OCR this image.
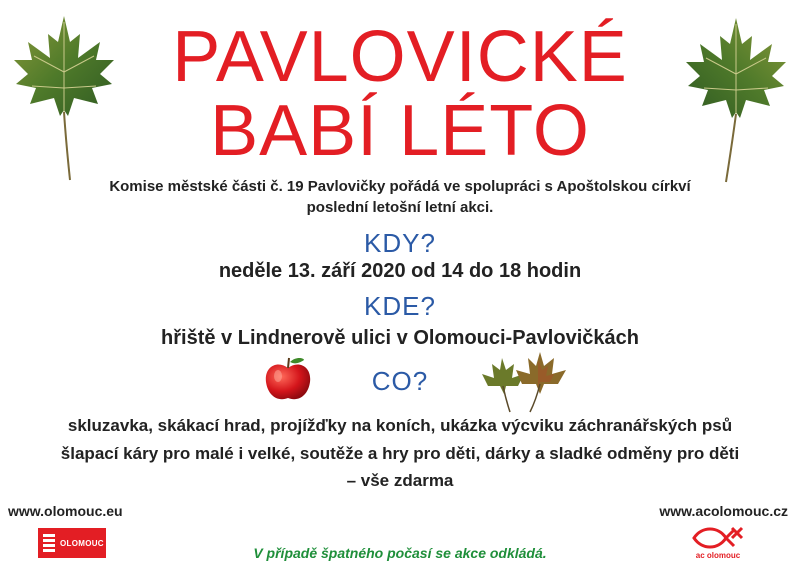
PAVLOVICKÉ
BABÍ LÉTO
Komise městské části č. 19 Pavlovičky pořádá ve spolupráci s Apoštolskou církví
poslední letošní letní akci.
KDY?
neděle 13. září 2020 od 14 do 18 hodin
KDE?
hřiště v Lindnerově ulici v Olomouci-Pavlovičkách
CO?
skluzavka, skákací hrad, projížďky na koních, ukázka výcviku záchranářských psů
šlapací káry pro malé i velké, soutěže a hry pro děti, dárky a sladké odměny pro děti
– vše zdarma
www.olomouc.eu	www.acolomouc.cz
OLOMOUC
V případě špatného počasí se akce odkládá.	ac olomouc
